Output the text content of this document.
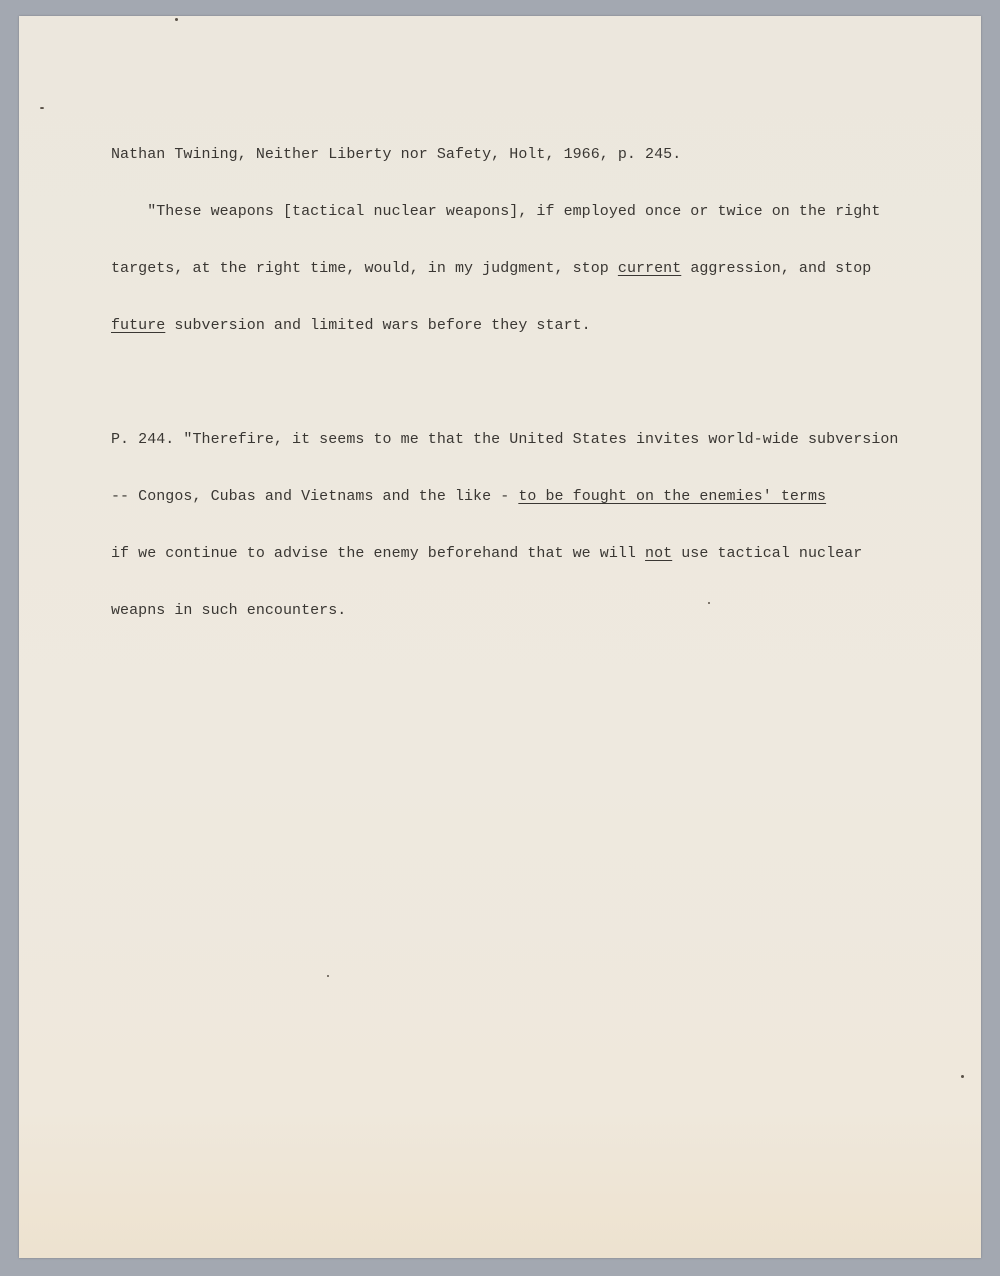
Nathan Twining, Neither Liberty nor Safety, Holt, 1966, p. 245.

"These weapons [tactical nuclear weapons], if employed once or twice on the right

targets, at the right time, would, in my judgment, stop current aggression, and stop

future subversion and limited wars before they start.

P. 244. "Therefire, it seems to me that the United States invites world-wide subversion

-- Congos, Cubas and Vietnams and the like - to be fought on the enemies' terms

if we continue to advise the enemy beforehand that we will not use tactical nuclear

weapns in such encounters.
